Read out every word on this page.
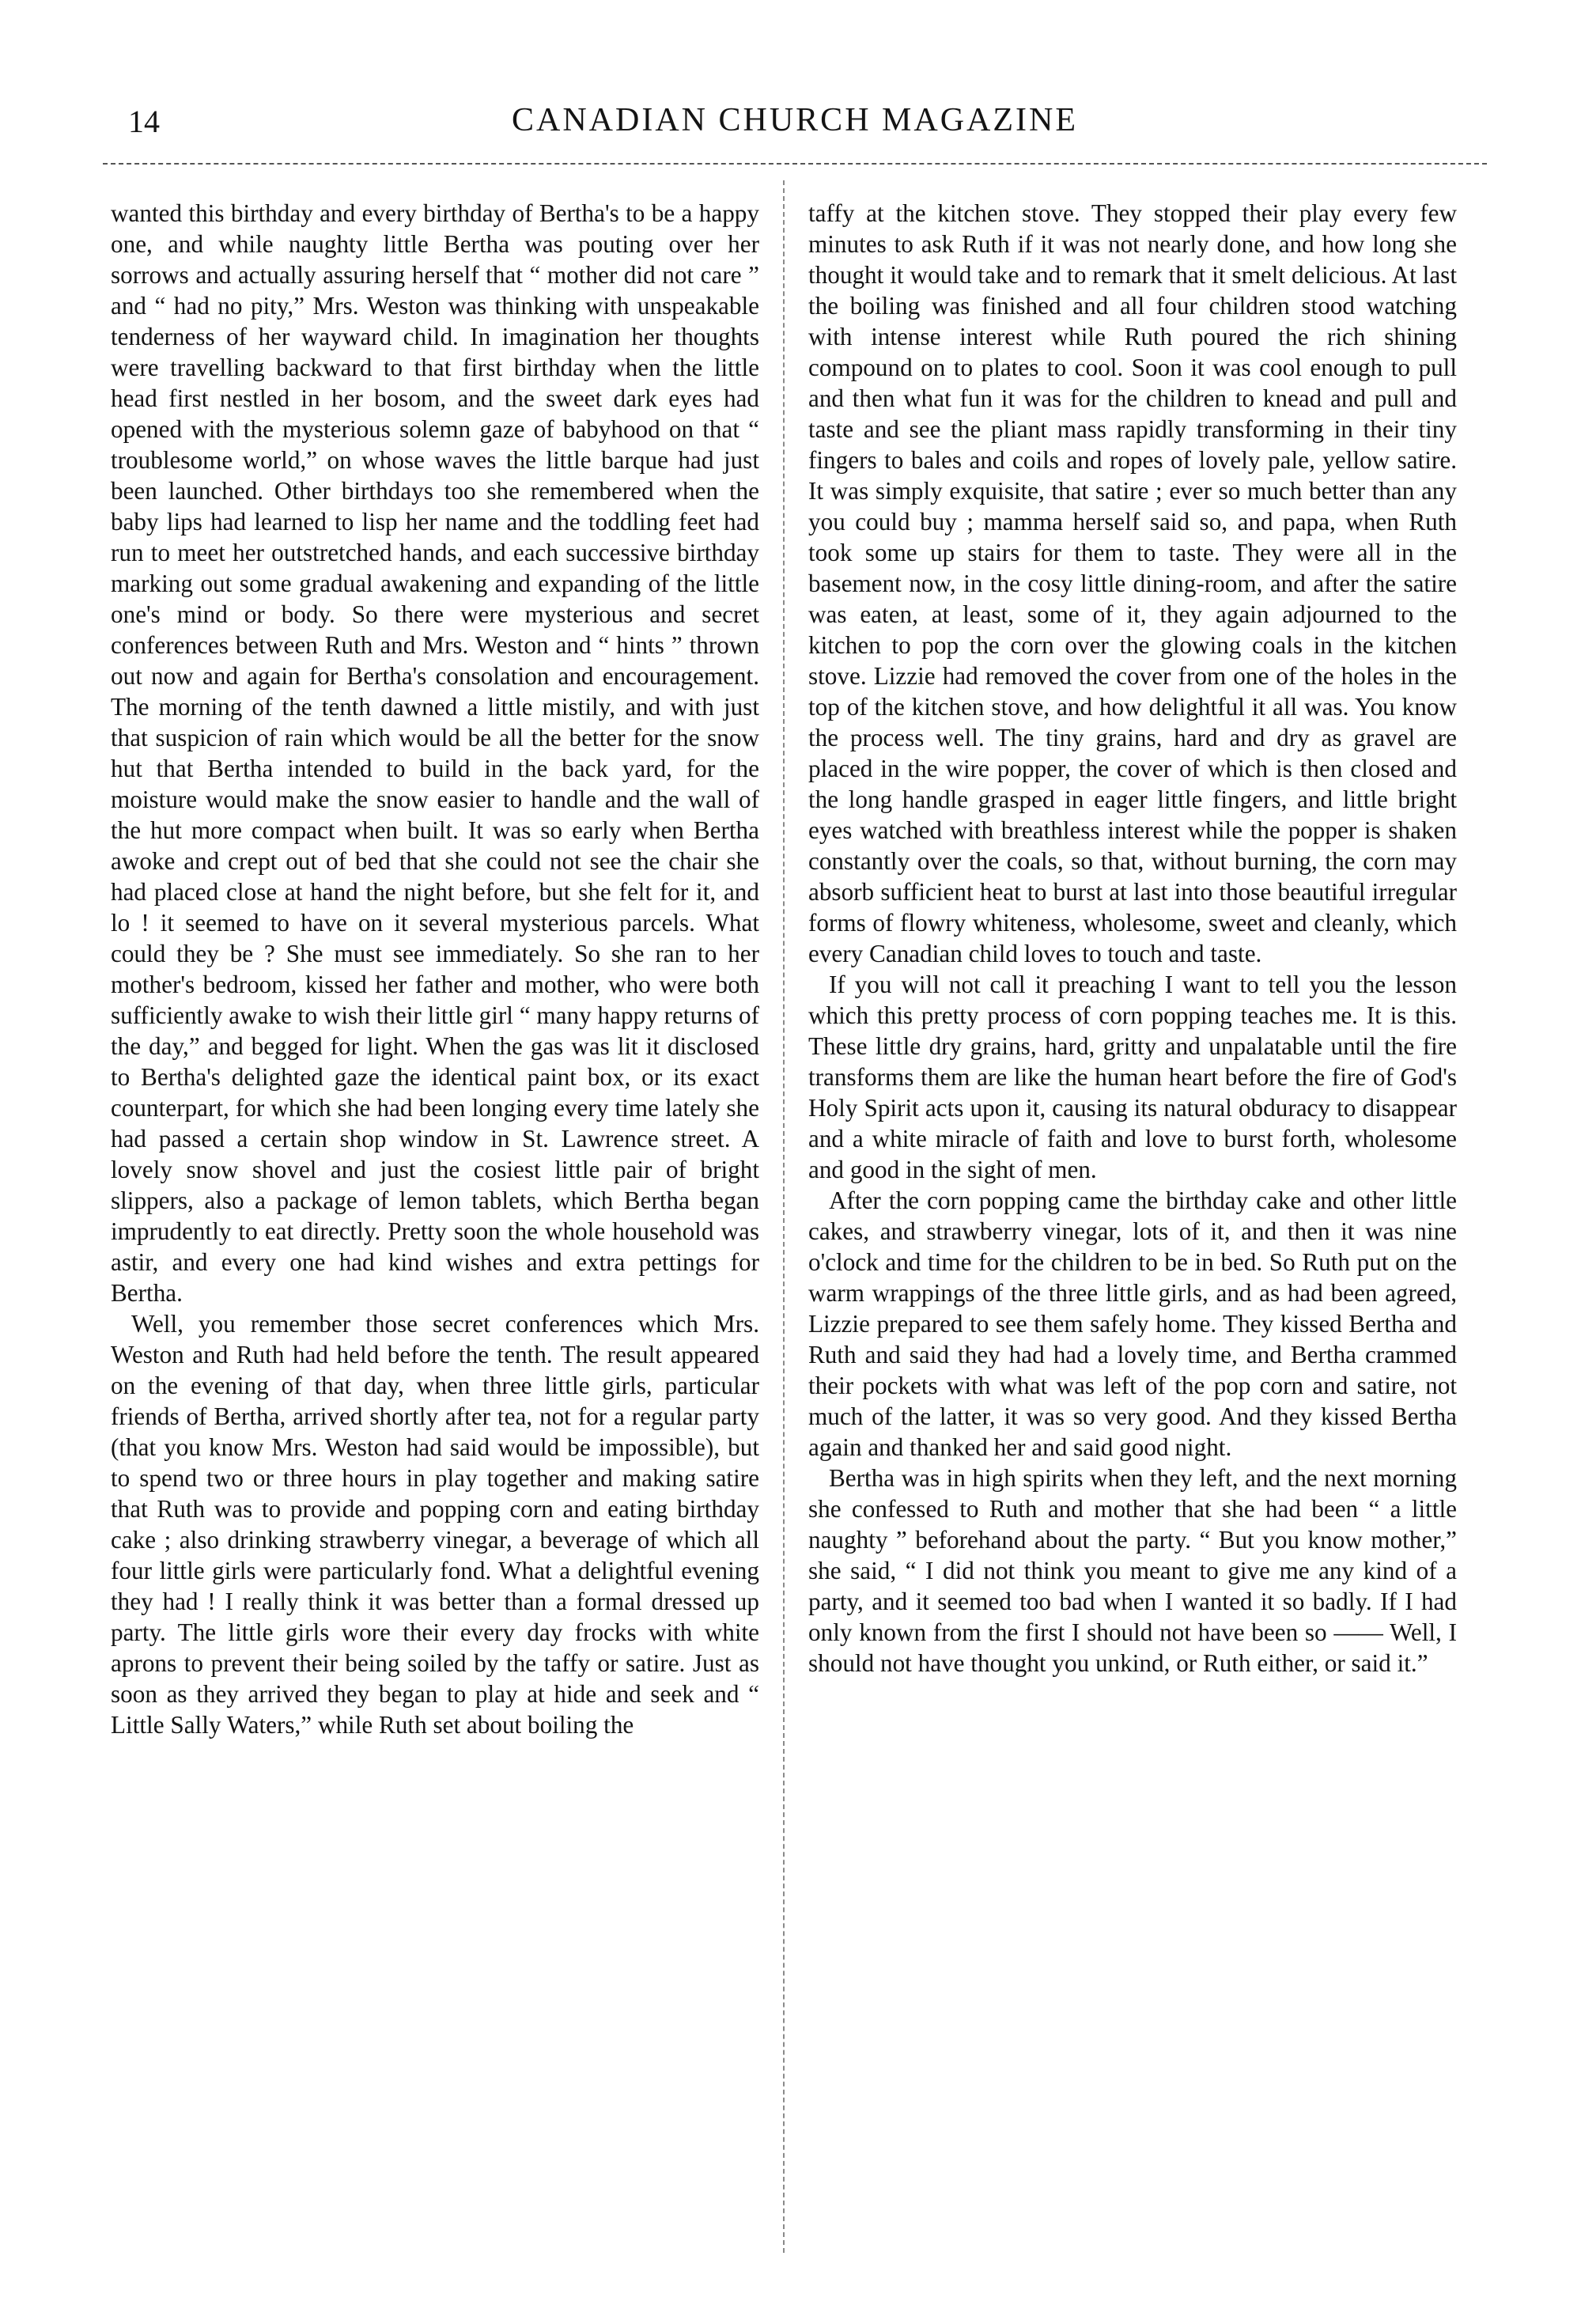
14	CANADIAN CHURCH MAGAZINE

wanted this birthday and every birthday of Bertha's to be a happy one, and while naughty little Bertha was pouting over her sorrows and actually assuring herself that “ mother did not care ” and “ had no pity,” Mrs. Weston was thinking with unspeakable tenderness of her wayward child. In imagination her thoughts were travelling backward to that first birthday when the little head first nestled in her bosom, and the sweet dark eyes had opened with the mysterious solemn gaze of babyhood on that “ troublesome world,” on whose waves the little barque had just been launched. Other birthdays too she remembered when the baby lips had learned to lisp her name and the toddling feet had run to meet her outstretched hands, and each successive birthday marking out some gradual awakening and expanding of the little one's mind or body. So there were mysterious and secret conferences between Ruth and Mrs. Weston and “ hints ” thrown out now and again for Bertha's consolation and encouragement. The morning of the tenth dawned a little mistily, and with just that suspicion of rain which would be all the better for the snow hut that Bertha intended to build in the back yard, for the moisture would make the snow easier to handle and the wall of the hut more compact when built. It was so early when Bertha awoke and crept out of bed that she could not see the chair she had placed close at hand the night before, but she felt for it, and lo ! it seemed to have on it several mysterious parcels. What could they be ? She must see immediately. So she ran to her mother's bedroom, kissed her father and mother, who were both sufficiently awake to wish their little girl “ many happy returns of the day,” and begged for light. When the gas was lit it disclosed to Bertha's delighted gaze the identical paint box, or its exact counterpart, for which she had been longing every time lately she had passed a certain shop window in St. Lawrence street. A lovely snow shovel and just the cosiest little pair of bright slippers, also a package of lemon tablets, which Bertha began imprudently to eat directly. Pretty soon the whole household was astir, and every one had kind wishes and extra pettings for Bertha.

Well, you remember those secret conferences which Mrs. Weston and Ruth had held before the tenth. The result appeared on the evening of that day, when three little girls, particular friends of Bertha, arrived shortly after tea, not for a regular party (that you know Mrs. Weston had said would be impossible), but to spend two or three hours in play together and making satire that Ruth was to provide and popping corn and eating birthday cake ; also drinking strawberry vinegar, a beverage of which all four little girls were particularly fond. What a delightful evening they had ! I really think it was better than a formal dressed up party. The little girls wore their every day frocks with white aprons to prevent their being soiled by the taffy or satire. Just as soon as they arrived they began to play at hide and seek and “ Little Sally Waters,” while Ruth set about boiling the

taffy at the kitchen stove. They stopped their play every few minutes to ask Ruth if it was not nearly done, and how long she thought it would take and to remark that it smelt delicious. At last the boiling was finished and all four children stood watching with intense interest while Ruth poured the rich shining compound on to plates to cool. Soon it was cool enough to pull and then what fun it was for the children to knead and pull and taste and see the pliant mass rapidly transforming in their tiny fingers to bales and coils and ropes of lovely pale, yellow satire. It was simply exquisite, that satire ; ever so much better than any you could buy ; mamma herself said so, and papa, when Ruth took some up stairs for them to taste. They were all in the basement now, in the cosy little dining-room, and after the satire was eaten, at least, some of it, they again adjourned to the kitchen to pop the corn over the glowing coals in the kitchen stove. Lizzie had removed the cover from one of the holes in the top of the kitchen stove, and how delightful it all was. You know the process well. The tiny grains, hard and dry as gravel are placed in the wire popper, the cover of which is then closed and the long handle grasped in eager little fingers, and little bright eyes watched with breathless interest while the popper is shaken constantly over the coals, so that, without burning, the corn may absorb sufficient heat to burst at last into those beautiful irregular forms of flowry whiteness, wholesome, sweet and cleanly, which every Canadian child loves to touch and taste.

If you will not call it preaching I want to tell you the lesson which this pretty process of corn popping teaches me. It is this. These little dry grains, hard, gritty and unpalatable until the fire transforms them are like the human heart before the fire of God's Holy Spirit acts upon it, causing its natural obduracy to disappear and a white miracle of faith and love to burst forth, wholesome and good in the sight of men.

After the corn popping came the birthday cake and other little cakes, and strawberry vinegar, lots of it, and then it was nine o'clock and time for the children to be in bed. So Ruth put on the warm wrappings of the three little girls, and as had been agreed, Lizzie prepared to see them safely home. They kissed Bertha and Ruth and said they had had a lovely time, and Bertha crammed their pockets with what was left of the pop corn and satire, not much of the latter, it was so very good. And they kissed Bertha again and thanked her and said good night.

Bertha was in high spirits when they left, and the next morning she confessed to Ruth and mother that she had been “ a little naughty ” beforehand about the party. “ But you know mother,” she said, “ I did not think you meant to give me any kind of a party, and it seemed too bad when I wanted it so badly. If I had only known from the first I should not have been so —— Well, I should not have thought you unkind, or Ruth either, or said it.”
